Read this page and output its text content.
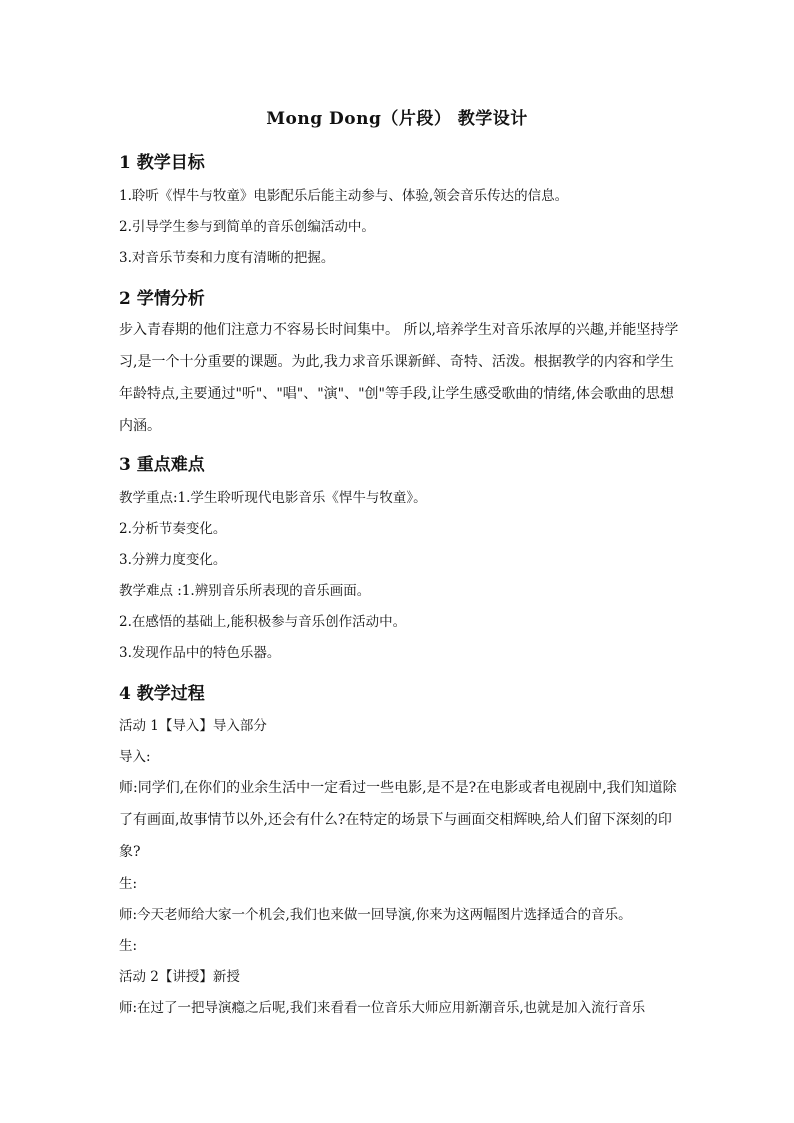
Mong Dong（片段） 教学设计
1 教学目标
1.聆听《悍牛与牧童》电影配乐后能主动参与、体验,领会音乐传达的信息。
2.引导学生参与到简单的音乐创编活动中。
3.对音乐节奏和力度有清晰的把握。
2 学情分析
步入青春期的他们注意力不容易长时间集中。 所以,培养学生对音乐浓厚的兴趣,并能坚持学习,是一个十分重要的课题。为此,我力求音乐课新鲜、奇特、活泼。根据教学的内容和学生年龄特点,主要通过"听"、"唱"、"演"、"创"等手段,让学生感受歌曲的情绪,体会歌曲的思想内涵。
3 重点难点
教学重点:1.学生聆听现代电影音乐《悍牛与牧童》。
2.分析节奏变化。
3.分辨力度变化。
教学难点 :1.辨别音乐所表现的音乐画面。
2.在感悟的基础上,能积极参与音乐创作活动中。
3.发现作品中的特色乐器。
4 教学过程
活动 1【导入】导入部分
导入:
师:同学们,在你们的业余生活中一定看过一些电影,是不是?在电影或者电视剧中,我们知道除了有画面,故事情节以外,还会有什么?在特定的场景下与画面交相辉映,给人们留下深刻的印象?
生:
师:今天老师给大家一个机会,我们也来做一回导演,你来为这两幅图片选择适合的音乐。
生:
活动 2【讲授】新授
师:在过了一把导演瘾之后呢,我们来看看一位音乐大师应用新潮音乐,也就是加入流行音乐
